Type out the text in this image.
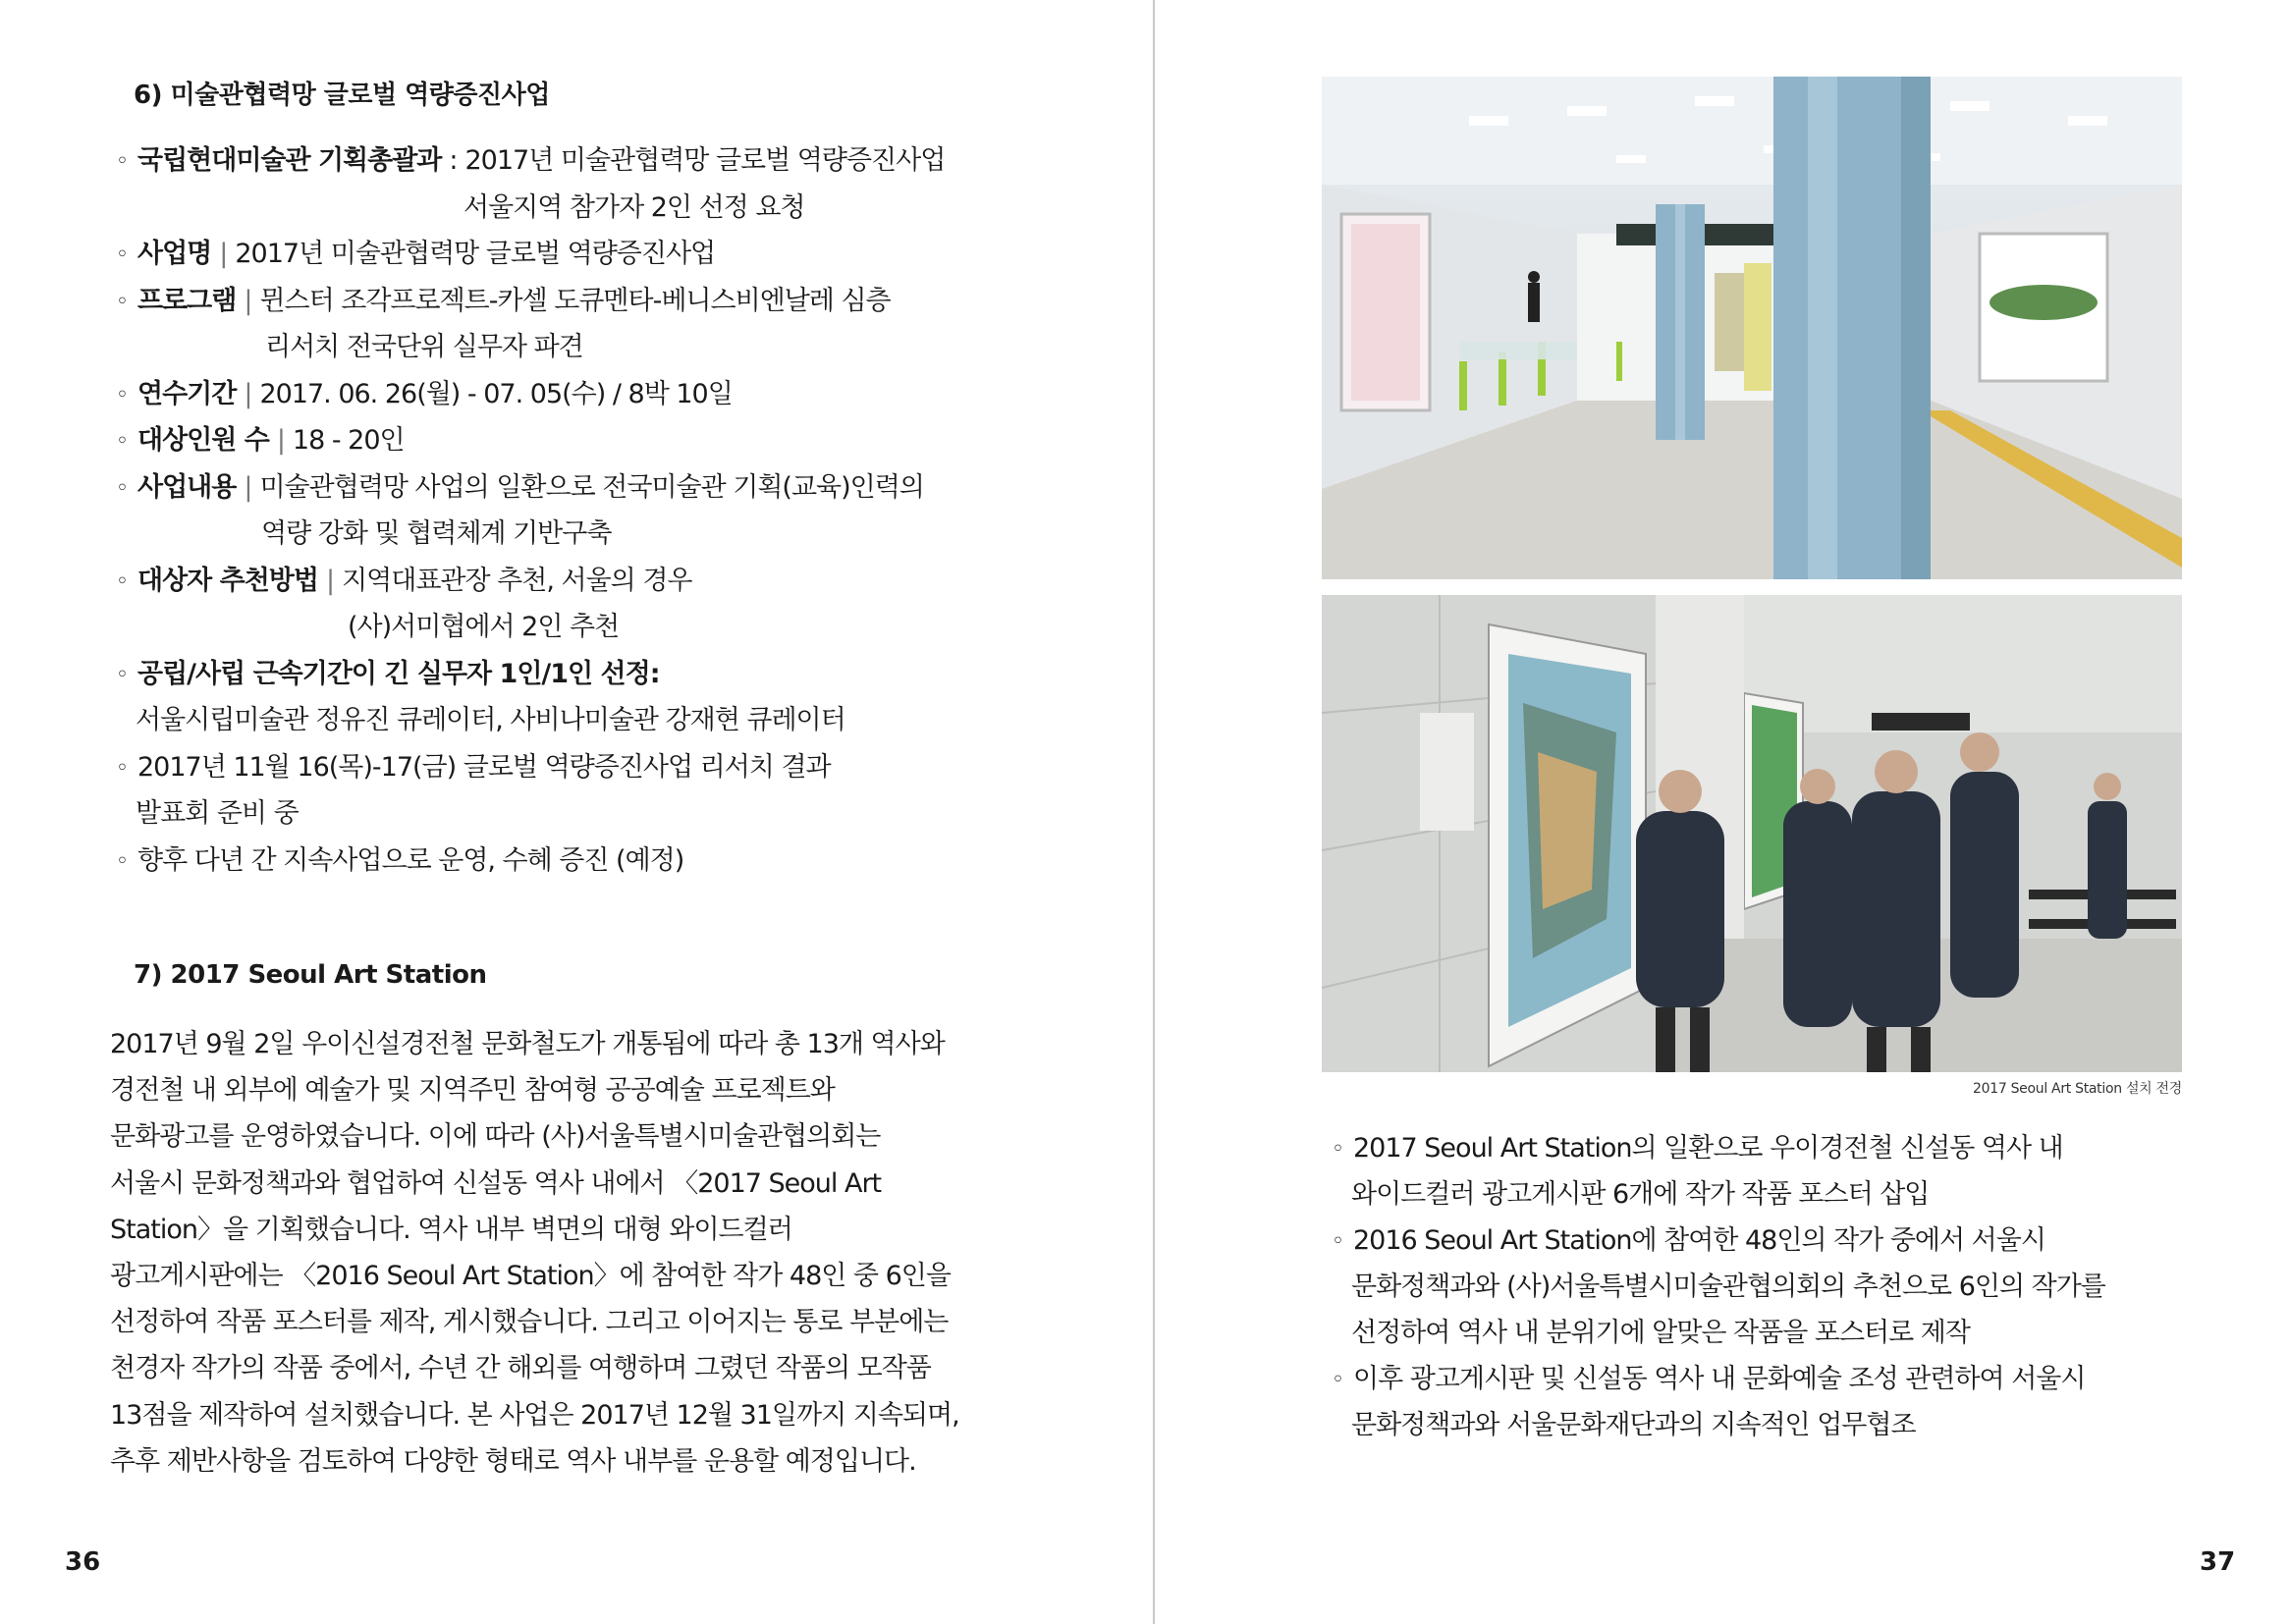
6) 미술관협력망 글로벌 역량증진사업
◦ 국립현대미술관 기획총괄과 : 2017년 미술관협력망 글로벌 역량증진사업
서울지역 참가자 2인 선정 요청
◦ 사업명 | 2017년 미술관협력망 글로벌 역량증진사업
◦ 프로그램 | 뮌스터 조각프로젝트-카셀 도큐멘타-베니스비엔날레 심층
리서치 전국단위 실무자 파견
◦ 연수기간 | 2017. 06. 26(월) - 07. 05(수) / 8박 10일
◦ 대상인원 수 | 18 - 20인
◦ 사업내용 | 미술관협력망 사업의 일환으로 전국미술관 기획(교육)인력의
역량 강화 및 협력체계 기반구축
◦ 대상자 추천방법 | 지역대표관장 추천, 서울의 경우
(사)서미협에서 2인 추천
◦ 공립/사립 근속기간이 긴 실무자 1인/1인 선정:
서울시립미술관 정유진 큐레이터, 사비나미술관 강재현 큐레이터
◦ 2017년 11월 16(목)-17(금) 글로벌 역량증진사업 리서치 결과
발표회 준비 중
◦ 향후 다년 간 지속사업으로 운영, 수혜 증진 (예정)
7) 2017 Seoul Art Station
2017년 9월 2일 우이신설경전철 문화철도가 개통됨에 따라 총 13개 역사와
경전철 내 외부에 예술가 및 지역주민 참여형 공공예술 프로젝트와
문화광고를 운영하였습니다. 이에 따라 (사)서울특별시미술관협의회는
서울시 문화정책과와 협업하여 신설동 역사 내에서 〈2017 Seoul Art
Station〉을 기획했습니다. 역사 내부 벽면의 대형 와이드컬러
광고게시판에는 〈2016 Seoul Art Station〉에 참여한 작가 48인 중 6인을
선정하여 작품 포스터를 제작, 게시했습니다. 그리고 이어지는 통로 부분에는
천경자 작가의 작품 중에서, 수년 간 해외를 여행하며 그렸던 작품의 모작품
13점을 제작하여 설치했습니다. 본 사업은 2017년 12월 31일까지 지속되며,
추후 제반사항을 검토하여 다양한 형태로 역사 내부를 운용할 예정입니다.
36
2017 Seoul Art Station 설치 전경
◦ 2017 Seoul Art Station의 일환으로 우이경전철 신설동 역사 내
와이드컬러 광고게시판 6개에 작가 작품 포스터 삽입
◦ 2016 Seoul Art Station에 참여한 48인의 작가 중에서 서울시
문화정책과와 (사)서울특별시미술관협의회의 추천으로 6인의 작가를
선정하여 역사 내 분위기에 알맞은 작품을 포스터로 제작
◦ 이후 광고게시판 및 신설동 역사 내 문화예술 조성 관련하여 서울시
문화정책과와 서울문화재단과의 지속적인 업무협조
37
